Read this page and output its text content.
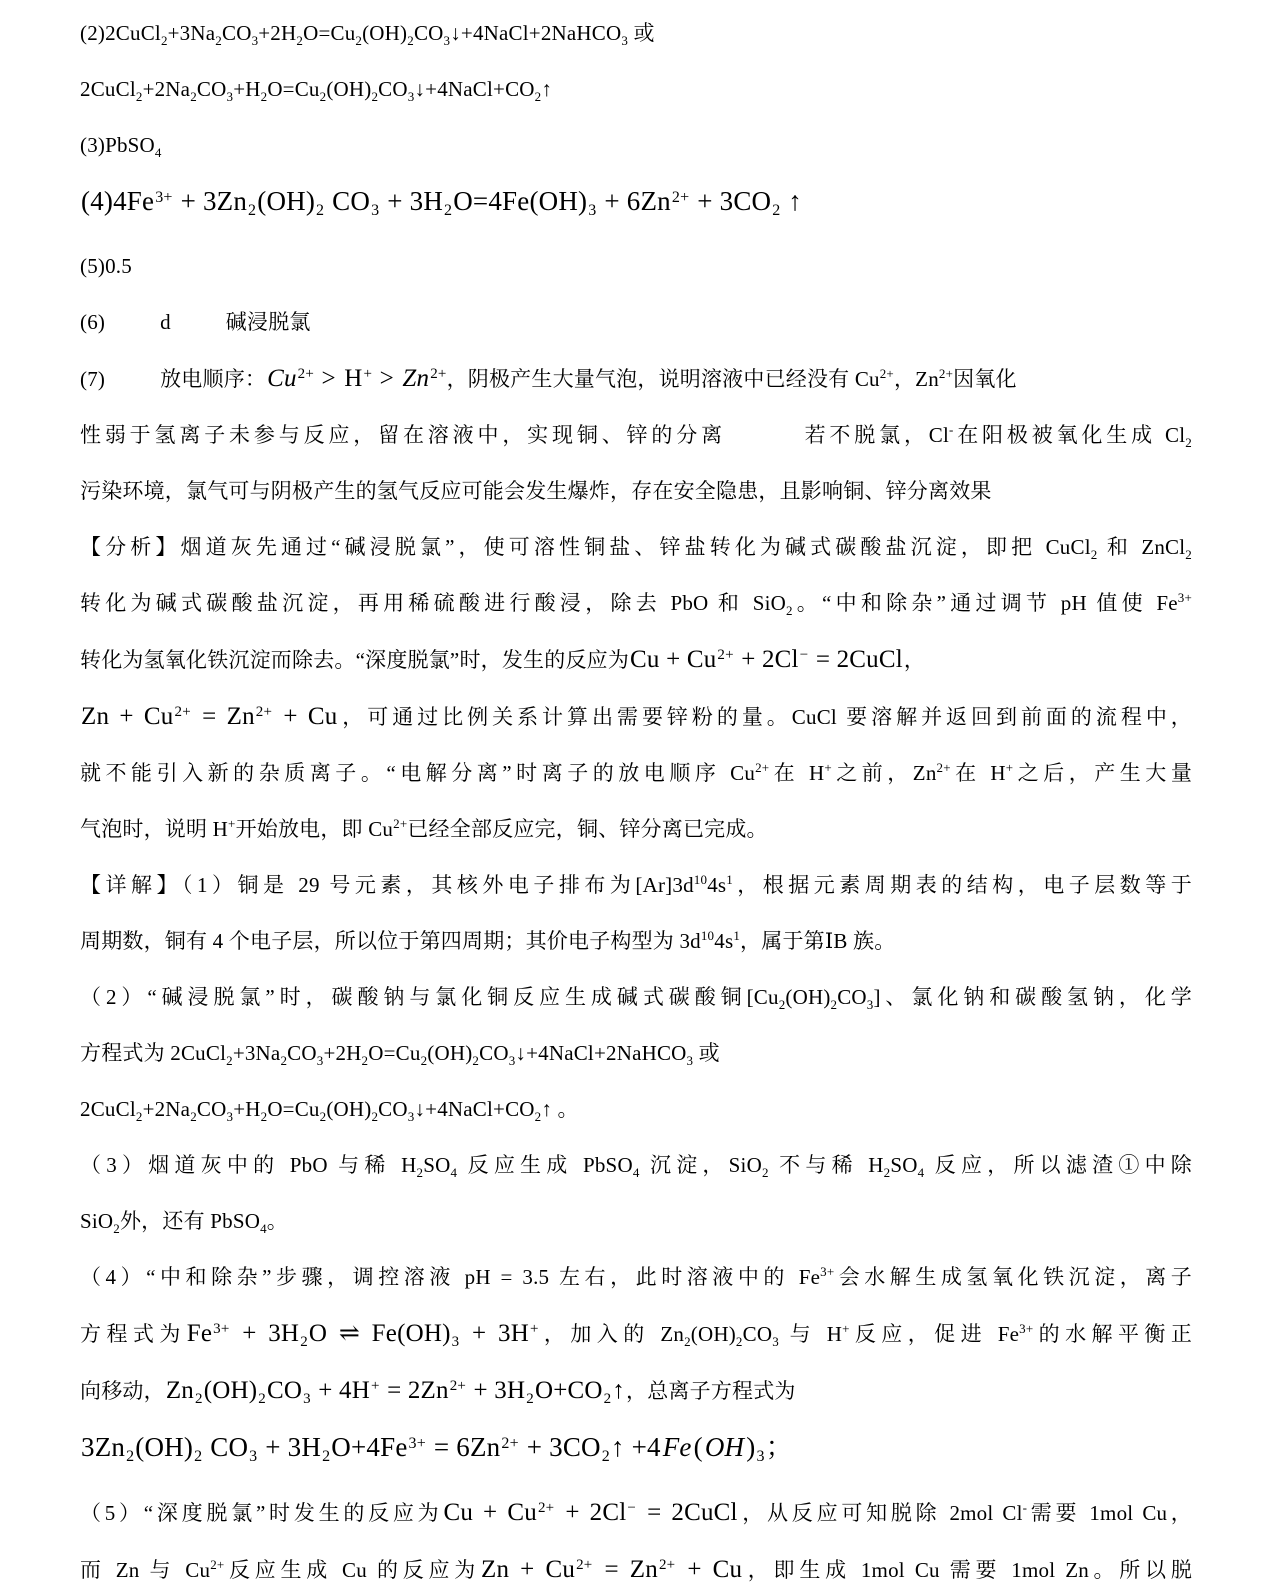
$(2)2CuCl_2+3Na_2CO_3+2H_2O=Cu_2(OH)_2CO_3↓+4NaCl+2NaHCO_3$ 或
$2CuCl_2+2Na_2CO_3+H_2O=Cu_2(OH)_2CO_3↓+4NaCl+CO_2↑$
(3)PbSO$_4$
$(4)4Fe^{3+} + 3Zn_2(OH)_2$ $CO_3 + 3H_2O=4Fe(OH)_3 + 6Zn^{2+} + 3CO_2$ ↑
(5)0.5
(6)	d	碱浸脱氯
(7)	放电顺序：$Cu^{2+} > H^+ > Zn^{2+}$，阴极产生大量气泡，说明溶液中已经没有 $Cu^{2+}$，$Zn^{2+}$因氧化
性弱于氢离子未参与反应，留在溶液中，实现铜、锌的分离	若不脱氯，Cl-在阳极被氧化生成 $Cl_2$
污染环境，氯气可与阴极产生的氢气反应可能会发生爆炸，存在安全隐患，且影响铜、锌分离效果
【分析】烟道灰先通过“碱浸脱氯”，使可溶性铜盐、锌盐转化为碱式碳酸盐沉淀，即把 CuCl$_2$ 和 ZnCl$_2$
转化为碱式碳酸盐沉淀，再用稀硫酸进行酸浸，除去 PbO 和 SiO$_2$。“中和除杂”通过调节 pH 值使 $Fe^{3+}$
转化为氢氧化铁沉淀而除去。“深度脱氯”时，发生的反应为$Cu + Cu^{2+} + 2Cl^-$ = 2CuCl，
$Zn + Cu^{2+} = Zn^{2+} + Cu$，可通过比例关系计算出需要锌粉的量。CuCl 要溶解并返回到前面的流程中，
就不能引入新的杂质离子。“电解分离”时离子的放电顺序 $Cu^{2+}$在 H+之前，$Zn^{2+}$在 H+之后，产生大量
气泡时，说明 H+开始放电，即 $Cu^{2+}$已经全部反应完，铜、锌分离已完成。
【详解】（1）铜是 29 号元素，其核外电子排布为$[Ar]3d^{10}4s^1$，根据元素周期表的结构，电子层数等于
周期数，铜有 4 个电子层，所以位于第四周期；其价电子构型为 $3d^{10}4s^1$，属于第ⅠB 族。
（2）“碱浸脱氯”时，碳酸钠与氯化铜反应生成碱式碳酸铜$[Cu_2(OH)_2CO_3]$、氯化钠和碳酸氢钠，化学
方程式为 $2CuCl_2+3Na_2CO_3+2H_2O=Cu_2(OH)_2CO_3↓+4NaCl+2NaHCO_3$ 或
$2CuCl_2+2Na_2CO_3+H_2O=Cu_2(OH)_2CO_3↓+4NaCl+CO_2↑$ 。
（3）烟道灰中的 PbO 与稀 $H_2SO_4$ 反应生成 PbSO$_4$ 沉淀，SiO$_2$ 不与稀 $H_2SO_4$ 反应，所以滤渣①中除
SiO$_2$外，还有 PbSO$_4$。
（4）“中和除杂”步骤，调控溶液 pH = 3.5 左右，此时溶液中的 $Fe^{3+}$会水解生成氢氧化铁沉淀，离子
方程式为$Fe^{3+} + 3H_2O$ ⇌ $Fe(OH)_3 + 3H^+$，加入的 $Zn_2(OH)_2CO_3$ 与 H+反应，促进 $Fe^{3+}$的水解平衡正
向移动，$Zn_2(OH)_2CO_3 + 4H^+ = 2Zn^{2+}$ + $3H_2O+CO_2↑$，总离子方程式为
$3Zn_2(OH)_2$ $CO_3 + 3H_2O+4Fe^{3+} = 6Zn^{2+}$ + $3CO_2↑ +4Fe(OH)_3$；
（5）“深度脱氯”时发生的反应为$Cu + Cu^{2+} + 2Cl^-$ = 2CuCl，从反应可知脱除 2mol Cl-需要 1mol Cu，
而 Zn 与 $Cu^{2+}$反应生成 Cu 的反应为$Zn + Cu^{2+} = Zn^{2+} + Cu$，即生成 1mol Cu 需要 1mol Zn。所以脱
